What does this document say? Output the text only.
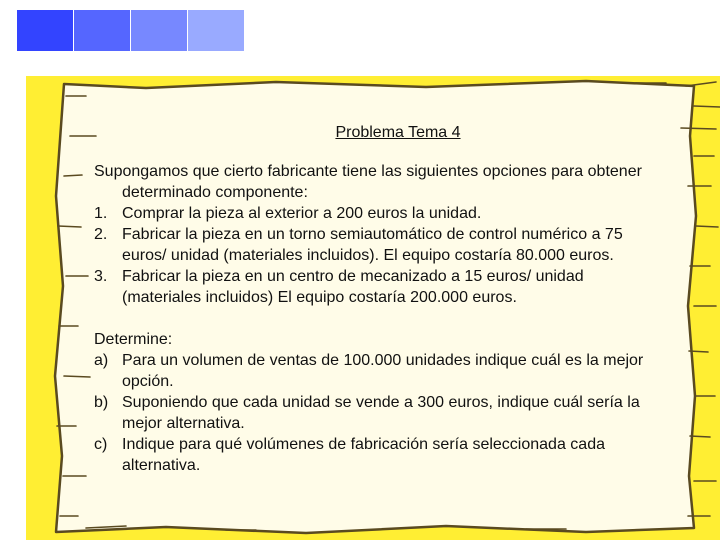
Problema Tema 4

Supongamos que cierto fabricante tiene las siguientes opciones para obtener determinado componente:

1. Comprar la pieza al exterior a 200 euros la unidad.

2. Fabricar la pieza en un torno semiautomático de control numérico a 75 euros/ unidad (materiales incluidos). El equipo costaría 80.000 euros.

3. Fabricar la pieza en un centro de mecanizado a 15 euros/ unidad (materiales incluidos) El equipo costaría 200.000 euros.

Determine:

a) Para un volumen de ventas de 100.000 unidades indique cuál es la mejor opción.

b) Suponiendo que cada unidad se vende a 300 euros, indique cuál sería la mejor alternativa.

c) Indique para qué volúmenes de fabricación sería seleccionada cada alternativa.
